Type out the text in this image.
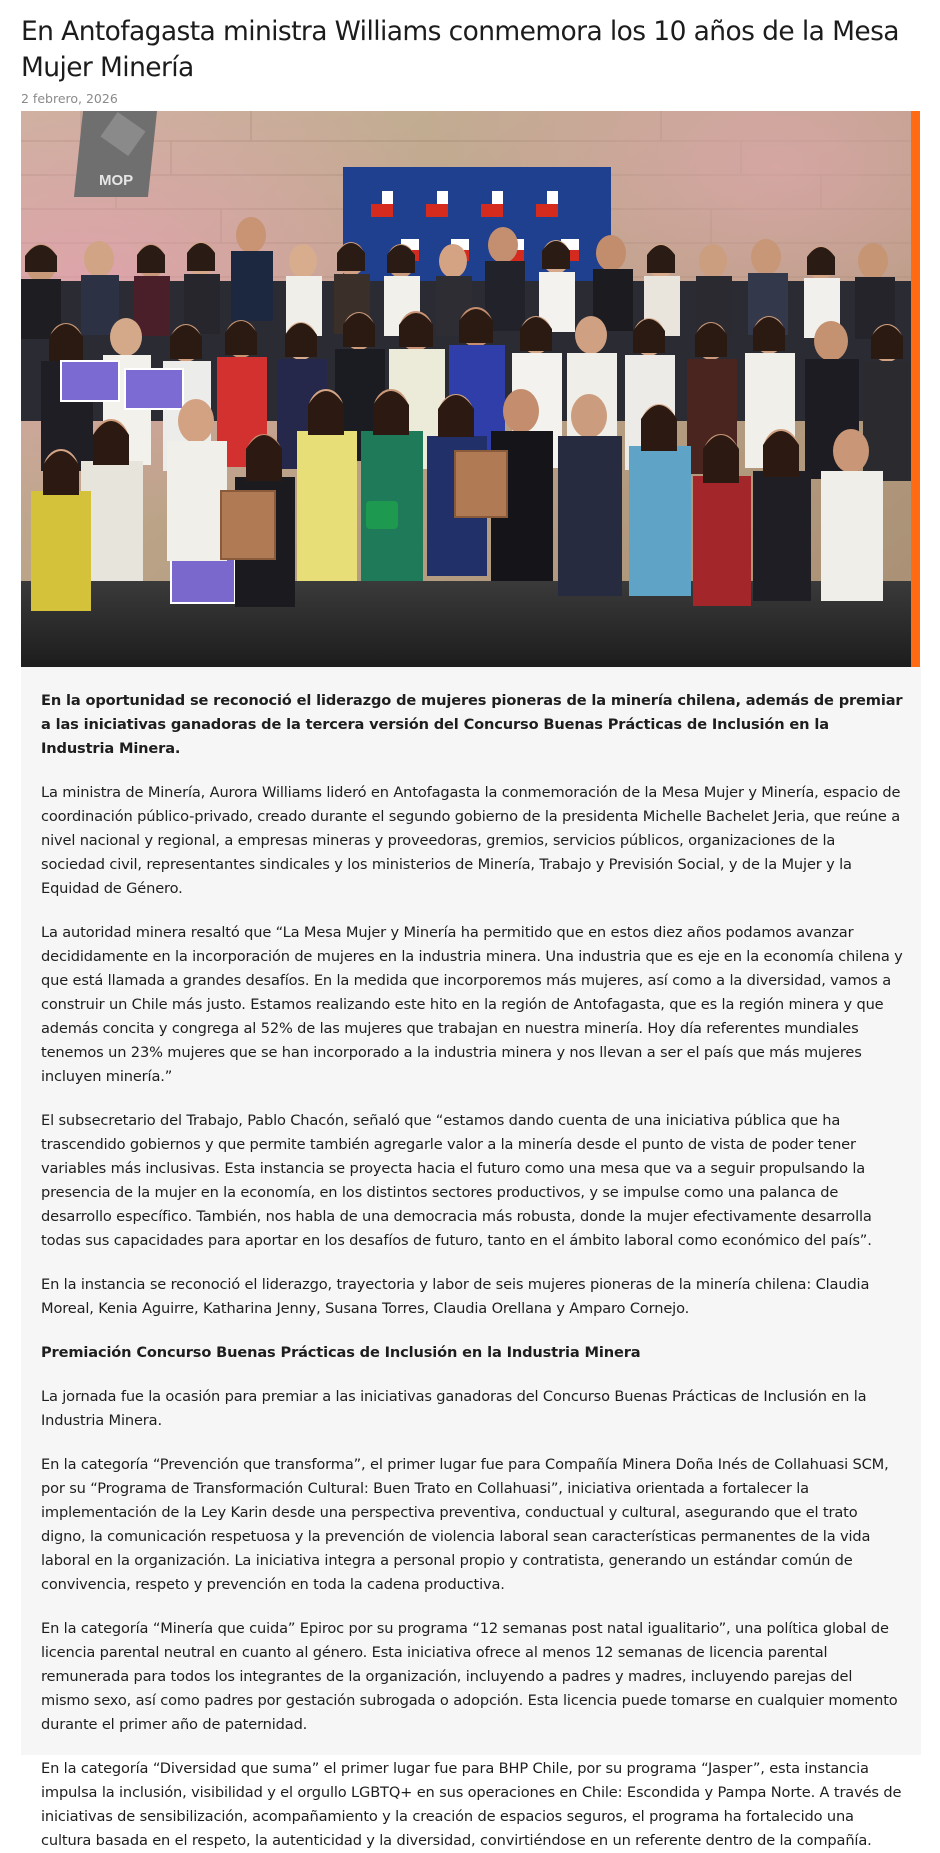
En Antofagasta ministra Williams conmemora los 10 años de la Mesa Mujer Minería
2 febrero, 2026
MOP

En la oportunidad se reconoció el liderazgo de mujeres pioneras de la minería chilena, además de premiar a las iniciativas ganadoras de la tercera versión del Concurso Buenas Prácticas de Inclusión en la Industria Minera.

La ministra de Minería, Aurora Williams lideró en Antofagasta la conmemoración de la Mesa Mujer y Minería, espacio de coordinación público-privado, creado durante el segundo gobierno de la presidenta Michelle Bachelet Jeria, que reúne a nivel nacional y regional, a empresas mineras y proveedoras, gremios, servicios públicos, organizaciones de la sociedad civil, representantes sindicales y los ministerios de Minería, Trabajo y Previsión Social, y de la Mujer y la Equidad de Género.

La autoridad minera resaltó que “La Mesa Mujer y Minería ha permitido que en estos diez años podamos avanzar decididamente en la incorporación de mujeres en la industria minera. Una industria que es eje en la economía chilena y que está llamada a grandes desafíos. En la medida que incorporemos más mujeres, así como a la diversidad, vamos a construir un Chile más justo. Estamos realizando este hito en la región de Antofagasta, que es la región minera y que además concita y congrega al 52% de las mujeres que trabajan en nuestra minería. Hoy día referentes mundiales tenemos un 23% mujeres que se han incorporado a la industria minera y nos llevan a ser el país que más mujeres incluyen minería.”

El subsecretario del Trabajo, Pablo Chacón, señaló que “estamos dando cuenta de una iniciativa pública que ha trascendido gobiernos y que permite también agregarle valor a la minería desde el punto de vista de poder tener variables más inclusivas. Esta instancia se proyecta hacia el futuro como una mesa que va a seguir propulsando la presencia de la mujer en la economía, en los distintos sectores productivos, y se impulse como una palanca de desarrollo específico. También, nos habla de una democracia más robusta, donde la mujer efectivamente desarrolla todas sus capacidades para aportar en los desafíos de futuro, tanto en el ámbito laboral como económico del país”.

En la instancia se reconoció el liderazgo, trayectoria y labor de seis mujeres pioneras de la minería chilena: Claudia Moreal, Kenia Aguirre, Katharina Jenny, Susana Torres, Claudia Orellana y Amparo Cornejo.

Premiación Concurso Buenas Prácticas de Inclusión en la Industria Minera

La jornada fue la ocasión para premiar a las iniciativas ganadoras del Concurso Buenas Prácticas de Inclusión en la Industria Minera.

En la categoría “Prevención que transforma”, el primer lugar fue para Compañía Minera Doña Inés de Collahuasi SCM, por su “Programa de Transformación Cultural: Buen Trato en Collahuasi”, iniciativa orientada a fortalecer la implementación de la Ley Karin desde una perspectiva preventiva, conductual y cultural, asegurando que el trato digno, la comunicación respetuosa y la prevención de violencia laboral sean características permanentes de la vida laboral en la organización. La iniciativa integra a personal propio y contratista, generando un estándar común de convivencia, respeto y prevención en toda la cadena productiva.

En la categoría “Minería que cuida” Epiroc por su programa “12 semanas post natal igualitario”, una política global de licencia parental neutral en cuanto al género. Esta iniciativa ofrece al menos 12 semanas de licencia parental remunerada para todos los integrantes de la organización, incluyendo a padres y madres, incluyendo parejas del mismo sexo, así como padres por gestación subrogada o adopción. Esta licencia puede tomarse en cualquier momento durante el primer año de paternidad.

En la categoría “Diversidad que suma” el primer lugar fue para BHP Chile, por su programa “Jasper”, esta instancia impulsa la inclusión, visibilidad y el orgullo LGBTQ+ en sus operaciones en Chile: Escondida y Pampa Norte. A través de iniciativas de sensibilización, acompañamiento y la creación de espacios seguros, el programa ha fortalecido una cultura basada en el respeto, la autenticidad y la diversidad, convirtiéndose en un referente dentro de la compañía.
